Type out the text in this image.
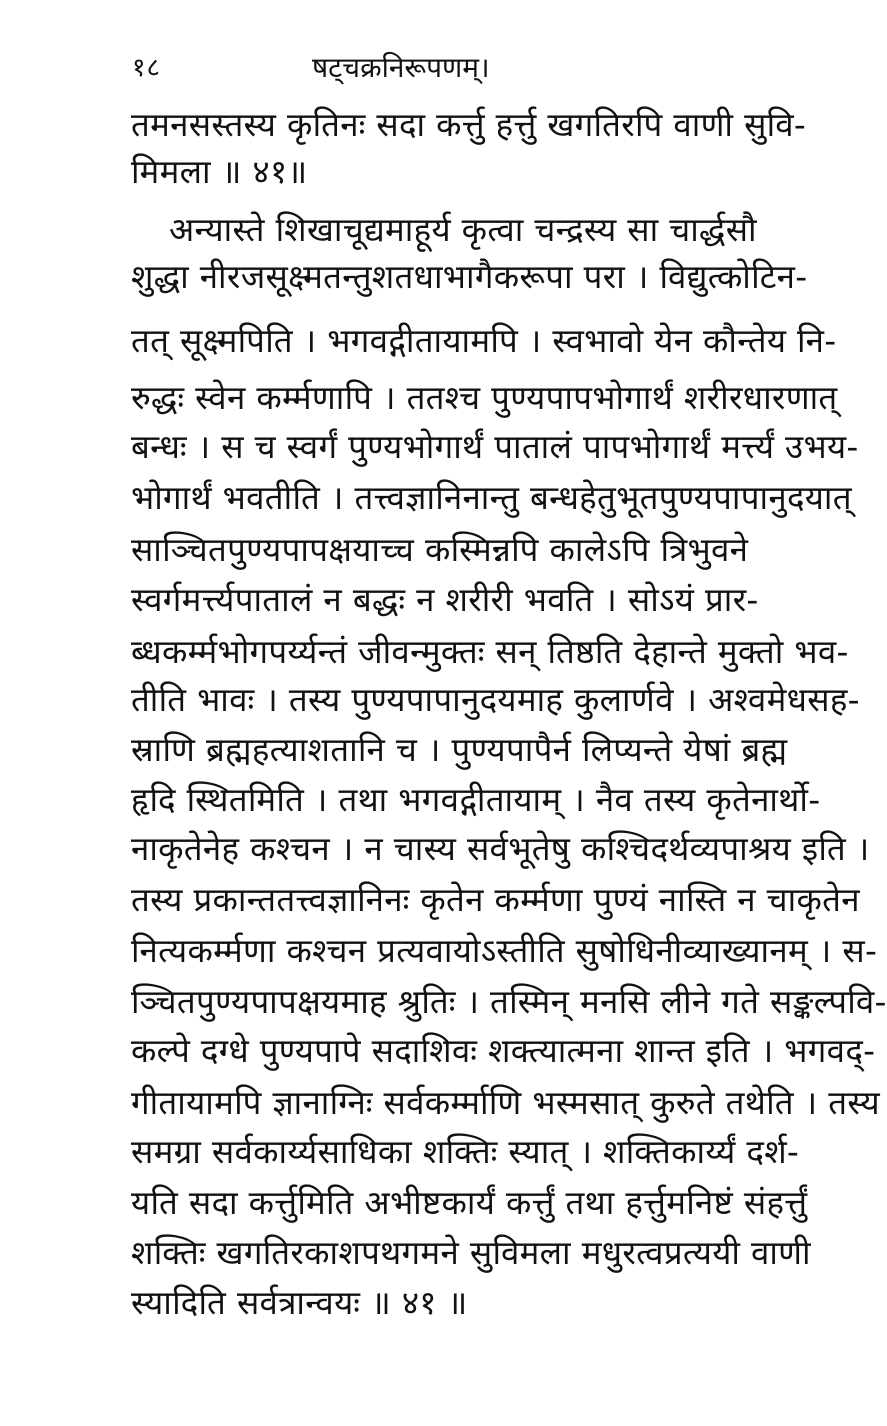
१८	षट्चक्रनिरूपणम्।
तमनसस्तस्य कृतिनः सदा कर्त्तु हर्त्तु खगतिरपि वाणी सुवि-
मिमला ॥ ४१॥
अन्यास्ते शिखाचूद्यमाहूर्य कृत्वा चन्द्रस्य सा चार्द्धसौ
शुद्धा नीरजसूक्ष्मतन्तुशतधाभागैकरूपा परा । विद्युत्कोटिन-
तत् सूक्ष्मपिति । भगवद्गीतायामपि । स्वभावो येन कौन्तेय नि-
रुद्धः स्वेन कर्म्मणापि । ततश्च पुण्यपापभोगार्थं शरीरधारणात्
बन्धः । स च स्वर्गं पुण्यभोगार्थं पातालं पापभोगार्थं मर्त्त्यं उभय-
भोगार्थं भवतीति । तत्त्वज्ञानिनान्तु बन्धहेतुभूतपुण्यपापानुदयात्
साञ्चितपुण्यपापक्षयाच्च कस्मिन्नपि कालेऽपि त्रिभुवने
स्वर्गमर्त्त्यपातालं न बद्धः न शरीरी भवति । सोऽयं प्रार-
ब्धकर्म्मभोगपर्य्यन्तं जीवन्मुक्तः सन् तिष्ठति देहान्ते मुक्तो भव-
तीति भावः । तस्य पुण्यपापानुदयमाह कुलार्णवे । अश्वमेधसह-
स्राणि ब्रह्महत्याशतानि च । पुण्यपापैर्न लिप्यन्ते येषां ब्रह्म
हृदि स्थितमिति । तथा भगवद्गीतायाम् । नैव तस्य कृतेनार्थो-
नाकृतेनेह कश्चन । न चास्य सर्वभूतेषु कश्चिदर्थव्यपाश्रय इति ।
तस्य प्रकान्ततत्त्वज्ञानिनः कृतेन कर्म्मणा पुण्यं नास्ति न चाकृतेन
नित्यकर्म्मणा कश्चन प्रत्यवायोऽस्तीति सुषोधिनीव्याख्यानम् । स-
ञ्चितपुण्यपापक्षयमाह श्रुतिः । तस्मिन् मनसि लीने गते सङ्कल्पवि-
कल्पे दग्धे पुण्यपापे सदाशिवः शक्त्यात्मना शान्त इति । भगवद्-
गीतायामपि ज्ञानाग्निः सर्वकर्म्माणि भस्मसात् कुरुते तथेति । तस्य
समग्रा सर्वकार्य्यसाधिका शक्तिः स्यात् । शक्तिकार्य्यं दर्श-
यति सदा कर्त्तुमिति अभीष्टकार्यं कर्त्तुं तथा हर्त्तुमनिष्टं संहर्त्तुं
शक्तिः खगतिरकाशपथगमने सुविमला मधुरत्वप्रत्ययी वाणी
स्यादिति सर्वत्रान्वयः ॥ ४१ ॥
